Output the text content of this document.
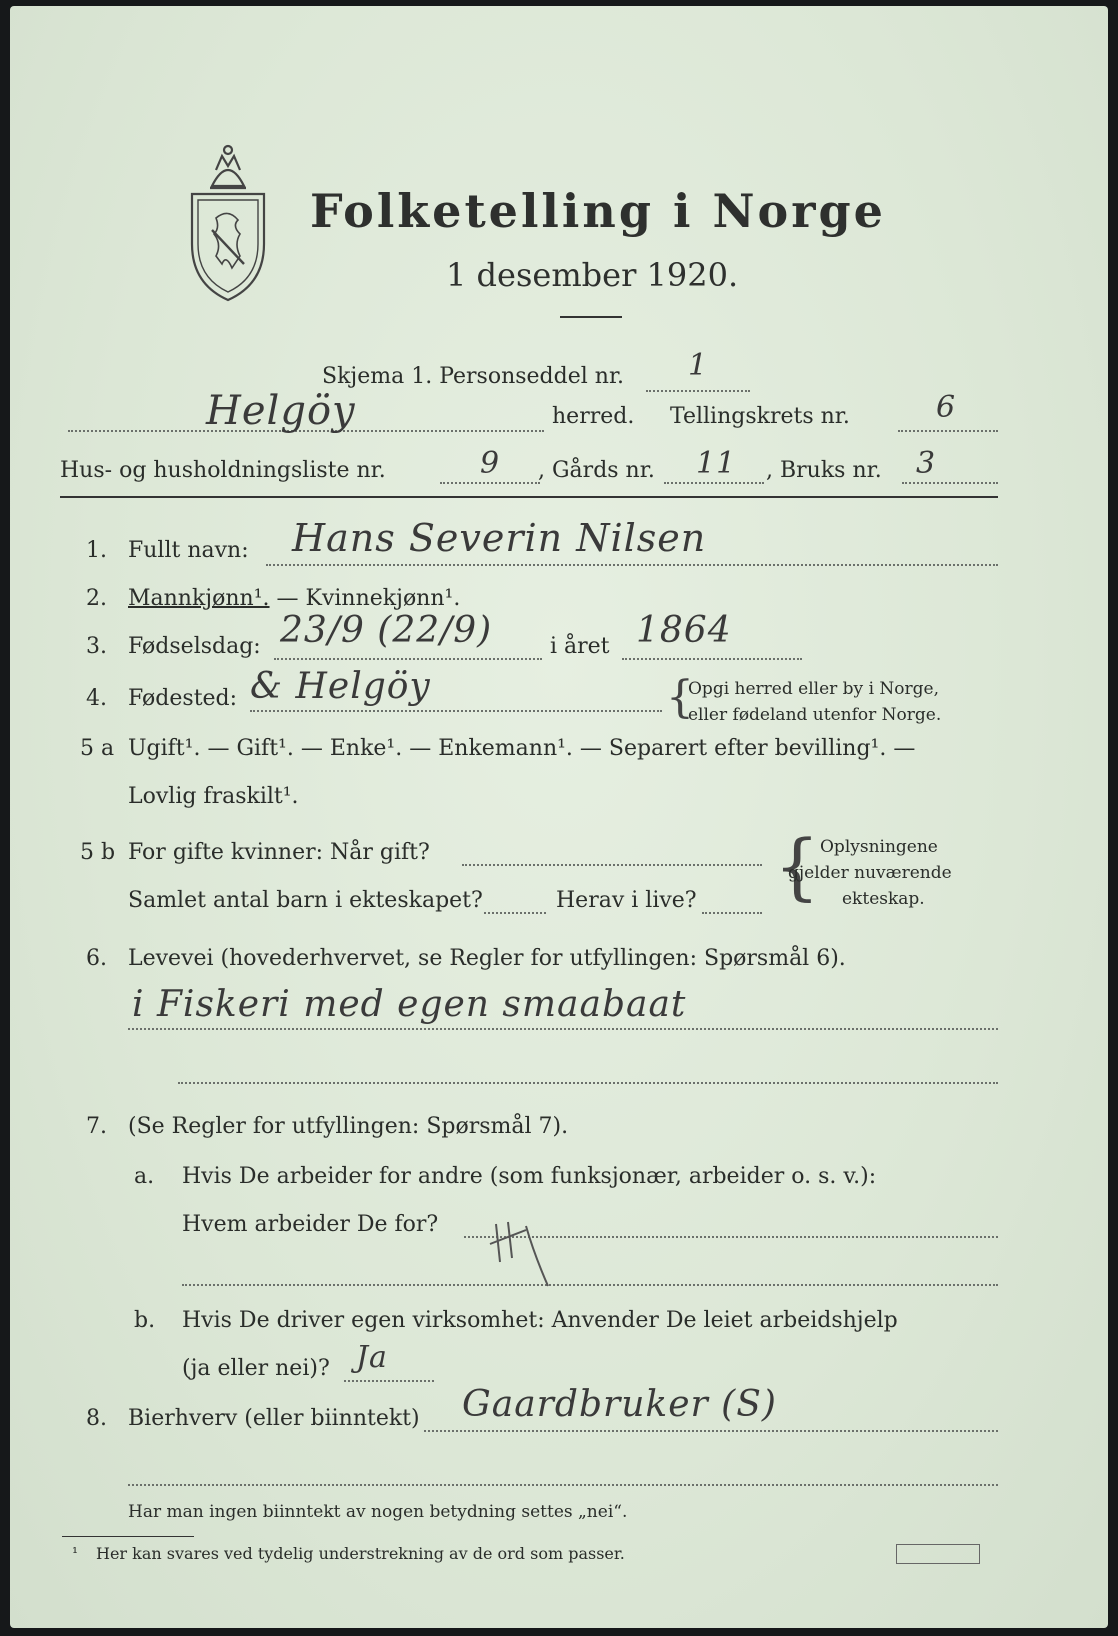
Folketelling i Norge
1 desember 1920.
Skjema 1. Personseddel nr. 1
Helgöy	herred. Tellingskrets nr.	6
Hus- og husholdningsliste nr.	9 , Gårds nr. 11 , Bruks nr. 3
1. Fullt navn: Hans Severin Nilsen
2. Mannkjønn¹. — Kvinnekjønn¹.
3. Fødselsdag: 23/9 (22/9)	i året 1864
4. Fødested: & Helgöy	{
Opgi herred eller by i Norge,
eller fødeland utenfor Norge.
5 a Ugift¹. — Gift¹. — Enke¹. — Enkemann¹. — Separert efter bevilling¹. —
Lovlig fraskilt¹.
5 b For gifte kvinner: Når gift?
Samlet antal barn i ekteskapet?	Herav i live? { Oplysningene
gjelder nuværende
ekteskap.
6. Levevei (hovederhvervet, se Regler for utfyllingen: Spørsmål 6).
i Fiskeri med egen smaabaat
7. (Se Regler for utfyllingen: Spørsmål 7).
a. Hvis De arbeider for andre (som funksjonær, arbeider o. s. v.):
Hvem arbeider De for?
b. Hvis De driver egen virksomhet: Anvender De leiet arbeidshjelp
(ja eller nei)? Ja
8. Bierhverv (eller biinntekt) Gaardbruker (S)
Har man ingen biinntekt av nogen betydning settes „nei“.
¹ Her kan svares ved tydelig understrekning av de ord som passer.
